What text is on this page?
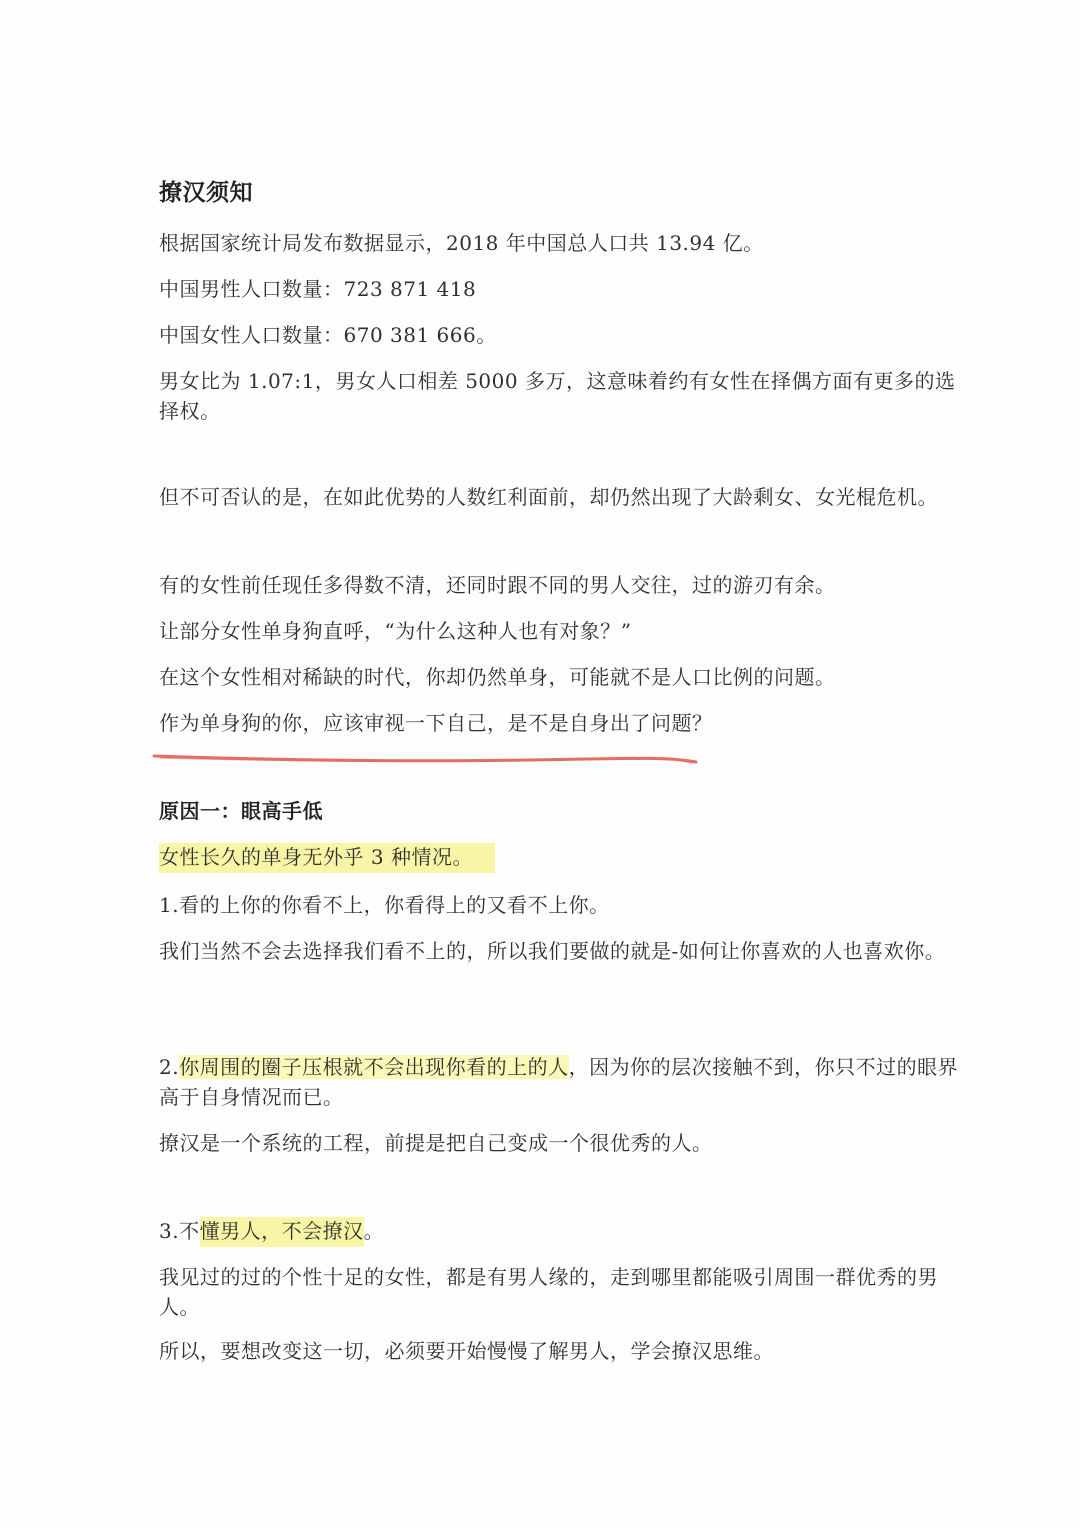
撩汉须知
根据国家统计局发布数据显示，2018 年中国总人口共 13.94 亿。
中国男性人口数量：723 871 418
中国女性人口数量：670 381 666。
男女比为 1.07:1，男女人口相差 5000 多万，这意味着约有女性在择偶方面有更多的选择权。
但不可否认的是，在如此优势的人数红利面前，却仍然出现了大龄剩女、女光棍危机。
有的女性前任现任多得数不清，还同时跟不同的男人交往，过的游刃有余。
让部分女性单身狗直呼，“为什么这种人也有对象？”
在这个女性相对稀缺的时代，你却仍然单身，可能就不是人口比例的问题。
作为单身狗的你，应该审视一下自己，是不是自身出了问题？
原因一：眼高手低
女性长久的单身无外乎 3 种情况。
1.看的上你的你看不上，你看得上的又看不上你。
我们当然不会去选择我们看不上的，所以我们要做的就是-如何让你喜欢的人也喜欢你。
2.你周围的圈子压根就不会出现你看的上的人，因为你的层次接触不到，你只不过的眼界高于自身情况而已。
撩汉是一个系统的工程，前提是把自己变成一个很优秀的人。
3.不懂男人，不会撩汉。
我见过的过的个性十足的女性，都是有男人缘的，走到哪里都能吸引周围一群优秀的男人。
所以，要想改变这一切，必须要开始慢慢了解男人，学会撩汉思维。
